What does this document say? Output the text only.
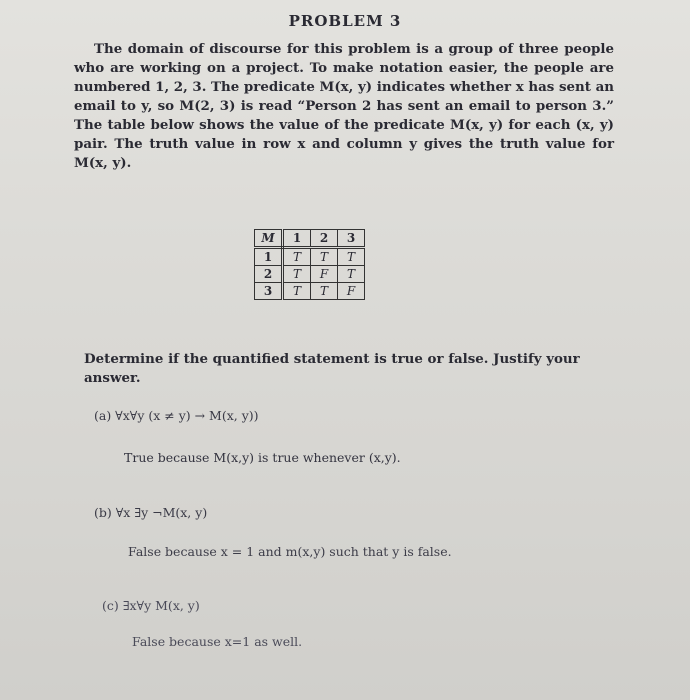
PROBLEM 3
The domain of discourse for this problem is a group of three people who are working on a project. To make notation easier, the people are numbered 1, 2, 3. The predicate M(x, y) indicates whether x has sent an email to y, so M(2, 3) is read “Person 2 has sent an email to person 3.” The table below shows the value of the predicate M(x, y) for each (x, y) pair. The truth value in row x and column y gives the truth value for M(x, y).
M	1	2	3
1	T	T	T
2	T	F	T
3	T	T	F
Determine if the quantified statement is true or false. Justify your answer.
(a) ∀x∀y (x ≠ y) → M(x, y))
True because M(x,y) is true whenever (x,y).
(b) ∀x ∃y ¬M(x, y)
False because x = 1 and m(x,y) such that y is false.
(c) ∃x∀y M(x, y)
False because x=1 as well.
